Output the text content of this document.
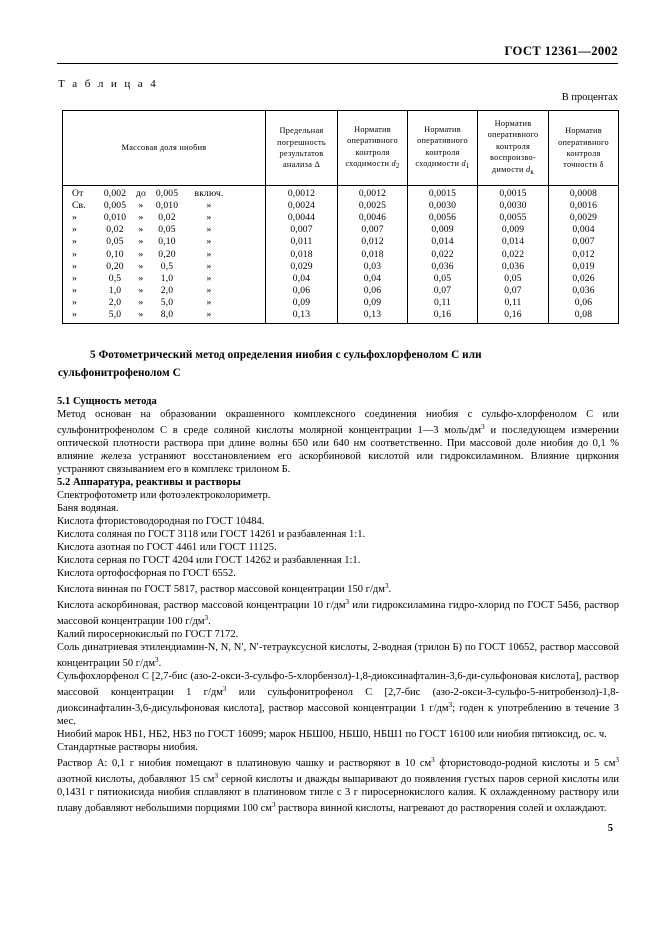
ГОСТ 12361—2002
Т а б л и ц а 4
В процентах
Массовая доля ниобия	Предельная
погрешность
результатов
анализа Δ	Норматив
оперативного
контроля
сходимости $d_2$	Норматив
оперативного
контроля
сходимости $d_1$	Норматив
оперативного
контроля
воспроизво-
димости $d_к$	Норматив
оперативного
контроля
точности δ

От 0,002 до 0,005 включ.	0,0012	0,0012	0,0015	0,0015	0,0008

Св. 0,005 » 0,010 »	0,0024	0,0025	0,0030	0,0030	0,0016

» 0,010 » 0,02 »	0,0044	0,0046	0,0056	0,0055	0,0029

» 0,02 » 0,05 »	0,007	0,007	0,009	0,009	0,004

» 0,05 » 0,10 »	0,011	0,012	0,014	0,014	0,007

» 0,10 » 0,20 »	0,018	0,018	0,022	0,022	0,012

» 0,20 » 0,5 »	0,029	0,03	0,036	0,036	0,019

» 0,5 » 1,0 »	0,04	0,04	0,05	0,05	0,026

» 1,0 » 2,0 »	0,06	0,06	0,07	0,07	0,036

» 2,0 » 5,0 »	0,09	0,09	0,11	0,11	0,06

» 5,0 » 8,0 »	0,13	0,13	0,16	0,16	0,08
5 Фотометрический метод определения ниобия с сульфохлорфенолом С или
сульфонитрофенолом С

5.1 Сущность метода

Метод основан на образовании окрашенного комплексного соединения ниобия с сульфо-хлорфенолом С или сульфонитрофенолом С в среде соляной кислоты молярной концентрации 1—3 моль/$дм^3$ и последующем измерении оптической плотности раствора при длине волны 650 или 640 нм соответственно. При массовой доле ниобия до 0,1 % влияние железа устраняют восстановлением его аскорбиновой кислотой или гидроксиламином. Влияние циркония устраняют связыванием его в комплекс трилоном Б.

5.2 Аппаратура, реактивы и растворы

Спектрофотометр или фотоэлектроколориметр.

Баня водяная.

Кислота фтористоводородная по ГОСТ 10484.

Кислота соляная по ГОСТ 3118 или ГОСТ 14261 и разбавленная 1:1.

Кислота азотная по ГОСТ 4461 или ГОСТ 11125.

Кислота серная по ГОСТ 4204 или ГОСТ 14262 и разбавленная 1:1.

Кислота ортофосфорная по ГОСТ 6552.

Кислота винная по ГОСТ 5817, раствор массовой концентрации 150 $г/дм^3$.

Кислота аскорбиновая, раствор массовой концентрации 10 $г/дм^3$ или гидроксиламина гидро-хлорид по ГОСТ 5456, раствор массовой концентрации 100 $г/дм^3$.

Калий пиросернокислый по ГОСТ 7172.

Соль динатриевая этилендиамин-N, N, N′, N′-тетрауксусной кислоты, 2-водная (трилон Б) по ГОСТ 10652, раствор массовой концентрации 50 $г/дм^3$.

Сульфохлорфенол С [2,7-бис (азо-2-окси-3-сульфо-5-хлорбензол)-1,8-диоксинафталин-3,6-ди-сульфоновая кислота], раствор массовой концентрации 1 $г/дм^3$ или сульфонитрофенол С [2,7-бис (азо-2-окси-3-сульфо-5-нитробензол)-1,8-диоксинафталин-3,6-дисульфоновая кислота], раствор массовой концентрации 1 $г/дм^3$; годен к употреблению в течение 3 мес.

Ниобий марок НБ1, НБ2, НБ3 по ГОСТ 16099; марок НБШ00, НБШ0, НБШ1 по ГОСТ 16100 или ниобия пятиоксид, ос. ч.

Стандартные растворы ниобия.

Раствор А: 0,1 г ниобия помещают в платиновую чашку и растворяют в 10 $см^3$ фтористоводо-родной кислоты и 5 $см^3$ азотной кислоты, добавляют 15 $см^3$ серной кислоты и дважды выпаривают до появления густых паров серной кислоты или 0,1431 г пятиокисида ниобия сплавляют в платиновом тигле с 3 г пиросернокислого калия. К охлажденному раствору или плаву добавляют небольшими порциями 100 $см^3$ раствора винной кислоты, нагревают до растворения солей и охлаждают.

5
